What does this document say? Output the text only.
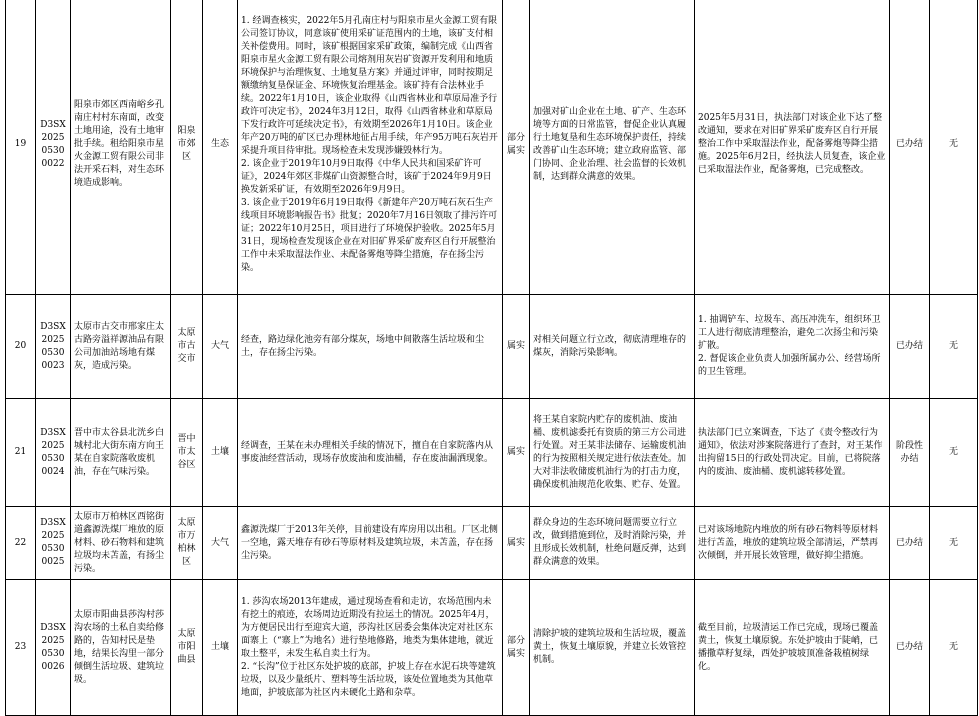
19	D3SX202505300022	阳泉市郊区西南峪乡孔南庄村村东南面，改变土地用途，没有土地审批手续。租给阳泉市星火金源工贸有限公司非法开采石料，对生态环境造成影响。	阳泉市郊区	生态	1. 经调查核实，2022年5月孔南庄村与阳泉市星火金源工贸有限公司签订协议，同意该矿使用采矿证范围内的土地，该矿支付相关补偿费用。同时，该矿根据国家采矿政策，编制完成《山西省阳泉市星火金源工贸有限公司熔剂用灰岩矿资源开发利用和地质环境保护与治理恢复、土地复垦方案》并通过评审，同时按期足额缴纳复垦保证金、环境恢复治理基金。该矿持有合法林业手续。2022年1月10日，该企业取得《山西省林业和草原局准予行政许可决定书》，2024年3月12日，取得《山西省林业和草原局下发行政许可延续决定书》，有效期至2026年1月10日。该企业年产20万吨的矿区已办理林地征占用手续，年产95万吨石灰岩开采提升项目待审批。现场检查未发现涉嫌毁林行为。

2. 该企业于2019年10月9日取得《中华人民共和国采矿许可证》，2024年郊区非煤矿山资源整合时，该矿于2024年9月9日换发新采矿证，有效期至2026年9月9日。

3. 该企业于2019年6月19日取得《新建年产20万吨石灰石生产线项目环境影响报告书》批复；2020年7月16日领取了排污许可证；2022年10月25日，项目进行了环境保护验收。2025年5月31日，现场检查发现该企业在对旧矿界采矿废弃区自行开展整治工作中未采取湿法作业、未配备雾炮等降尘措施，存在扬尘污染。	部分属实	加强对矿山企业在土地、矿产、生态环境等方面的日常监管，督促企业认真履行土地复垦和生态环境保护责任，持续改善矿山生态环境；建立政府监管、部门协同、企业治理、社会监督的长效机制，达到群众满意的效果。	2025年5月31日，执法部门对该企业下达了整改通知，要求在对旧矿界采矿废弃区自行开展整治工作中采取湿法作业，配备雾炮等降尘措施。2025年6月2日，经执法人员复查，该企业已采取湿法作业，配备雾炮，已完成整改。	已办结	无
20	D3SX202505300023	太原市古交市邢家庄太古路旁溢祥源油品有限公司加油站场地有煤灰，造成污染。	太原市古交市	大气	经查，路边绿化池旁有部分煤灰，场地中间散落生活垃圾和尘土，存在扬尘污染。	属实	对相关问题立行立改，彻底清理堆存的煤灰，消除污染影响。	1. 抽调铲车、垃圾车、高压冲洗车，组织环卫工人进行彻底清理整治，避免二次扬尘和污染扩散。
2. 督促该企业负责人加强所属办公、经营场所的卫生管理。	已办结	无
21	D3SX202505300024	晋中市太谷县北洸乡白城村北大街东南方向王某在自家院落收废机油，存在气味污染。	晋中市太谷区	土壤	经调查，王某在未办理相关手续的情况下，擅自在自家院落内从事废油经营活动，现场存放废油和废油桶，存在废油漏洒现象。	属实	将王某自家院内贮存的废机油、废油桶、废机滤委托有资质的第三方公司进行处置。对王某非法储存、运输废机油的行为按照相关规定进行依法查处。加大对非法收储废机油行为的打击力度，确保废机油规范化收集、贮存、处置。	执法部门已立案调查，下达了《责令整改行为通知》，依法对涉案院落进行了查封，对王某作出拘留15日的行政处罚决定。目前，已将院落内的废油、废油桶、废机滤转移处置。	阶段性办结	无
22	D3SX202505300025	太原市万柏林区西铭街道鑫源洗煤厂堆放的原材料、砂石物料和建筑垃圾均未苫盖，有扬尘污染。	太原市万柏林区	大气	鑫源洗煤厂于2013年关停，目前建设有库房用以出租。厂区北侧一空地，露天堆存有砂石等原材料及建筑垃圾，未苫盖，存在扬尘污染。	属实	群众身边的生态环境问题需要立行立改，做到措施到位，及时消除污染，并且形成长效机制，杜绝问题反弹，达到群众满意的效果。	已对该场地院内堆放的所有砂石物料等原材料进行苫盖，堆放的建筑垃圾全部清运，严禁再次倾倒，并开展长效管理，做好抑尘措施。	已办结	无
23	D3SX202505300026	太原市阳曲县莎沟村莎沟农场的土私自卖给修路的，告知村民是垫地，结果长沟里一部分倾倒生活垃圾、建筑垃圾。	太原市阳曲县	土壤	1. 莎沟农场2013年建成，通过现场查看和走访，农场范围内未有挖土的痕迹，农场周边近期没有拉运土的情况。2025年4月，为方便居民出行至迎宾大道，莎沟社区居委会集体决定对社区东面寨上（“寨上”为地名）进行垫地修路，地类为集体建地，就近取土整平，未发生私自卖土行为。

2. “长沟”位于社区东处护坡的底部，护坡上存在水泥石块等建筑垃圾，以及少量纸片、塑料等生活垃圾，该处位置地类为其他草地面，护坡底部为社区内未硬化土路和杂草。	部分属实	清除护坡的建筑垃圾和生活垃圾，覆盖黄土，恢复土壤原貌，并建立长效管控机制。	截至目前，垃圾清运工作已完成，现场已覆盖黄土，恢复土壤原貌。东处护坡由于陡峭，已播撒草籽复绿，西处护坡坡顶准备栽植树绿化。	已办结	无
